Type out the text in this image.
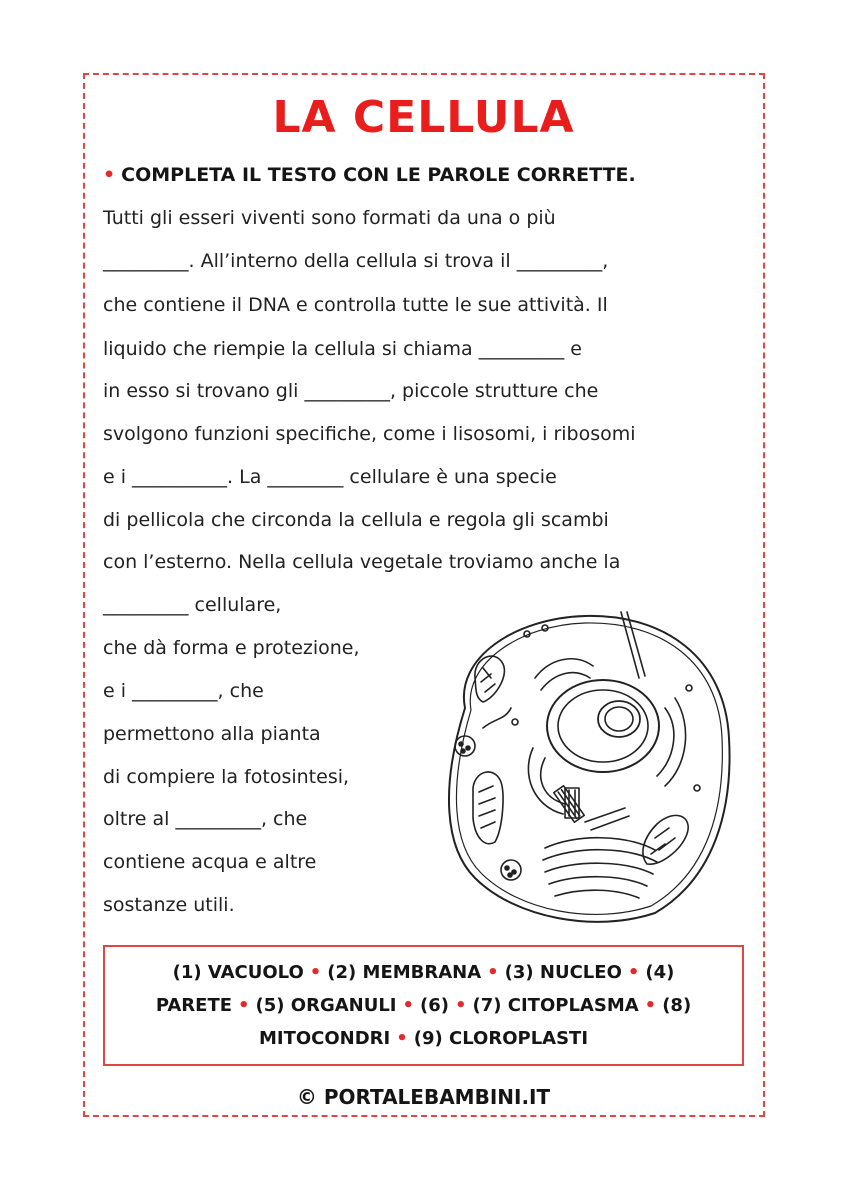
LA CELLULA
• COMPLETA IL TESTO CON LE PAROLE CORRETTE.
Tutti gli esseri viventi sono formati da una o più
_________. All’interno della cellula si trova il _________,
che contiene il DNA e controlla tutte le sue attività. Il
liquido che riempie la cellula si chiama _________ e
in esso si trovano gli _________, piccole strutture che
svolgono funzioni specifiche, come i lisosomi, i ribosomi
e i __________. La ________ cellulare è una specie
di pellicola che circonda la cellula e regola gli scambi
con l’esterno. Nella cellula vegetale troviamo anche la
_________ cellulare,
che dà forma e protezione,
e i _________, che
permettono alla pianta
di compiere la fotosintesi,
oltre al _________, che
contiene acqua e altre
sostanze utili.
(1) VACUOLO • (2) MEMBRANA • (3) NUCLEO • (4)
PARETE • (5) ORGANULI • (6) • (7) CITOPLASMA • (8)
MITOCONDRI • (9) CLOROPLASTI
© PORTALEBAMBINI.IT
